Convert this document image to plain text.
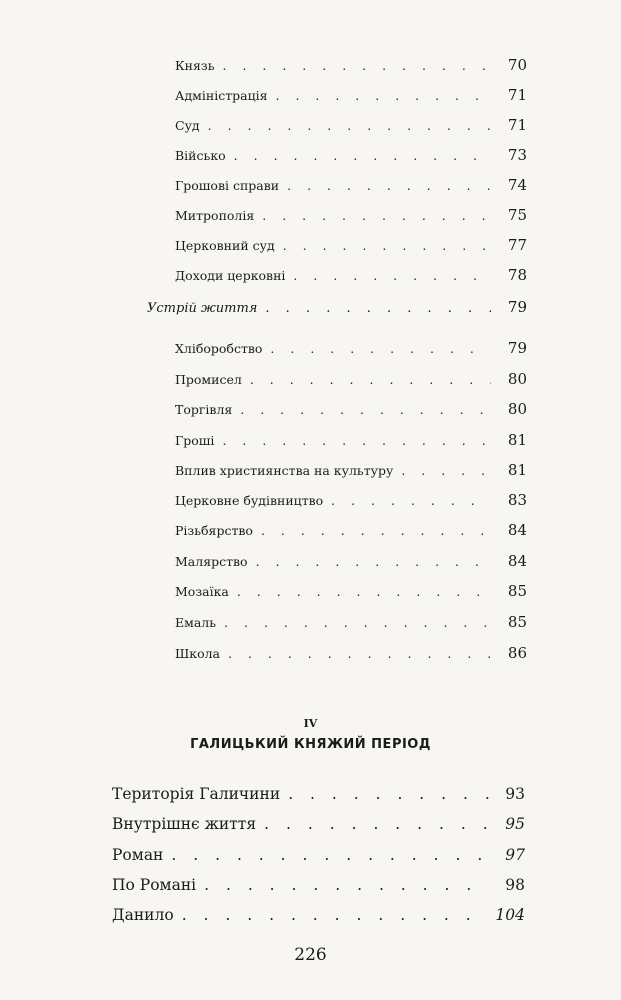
Князь . . .	70
Адміністрація . . .	71
Суд . . .	71
Військо . . .	73
Грошові справи . . .	74
Митрополія . . .	75
Церковний суд . . .	77
Доходи церковні . . .	78
Устрій життя . . .	79
Хліборобство . . .	79
Промисел . . .	80
Торгівля . . .	80
Гроші . . .	81
Вплив християнства на культуру . . .	81
Церковне будівництво . . .	83
Різьбярство . . .	84
Малярство . . .	84
Мозаїка . . .	85
Емаль . . .	85
Школа . . .	86
IV
ГАЛИЦЬКИЙ КНЯЖИЙ ПЕРІОД
Територія Галичини . . .	93
Внутрішнє життя . . .	95
Роман . . .	97
По Романі . . .	98
Данило . . .	104
226
